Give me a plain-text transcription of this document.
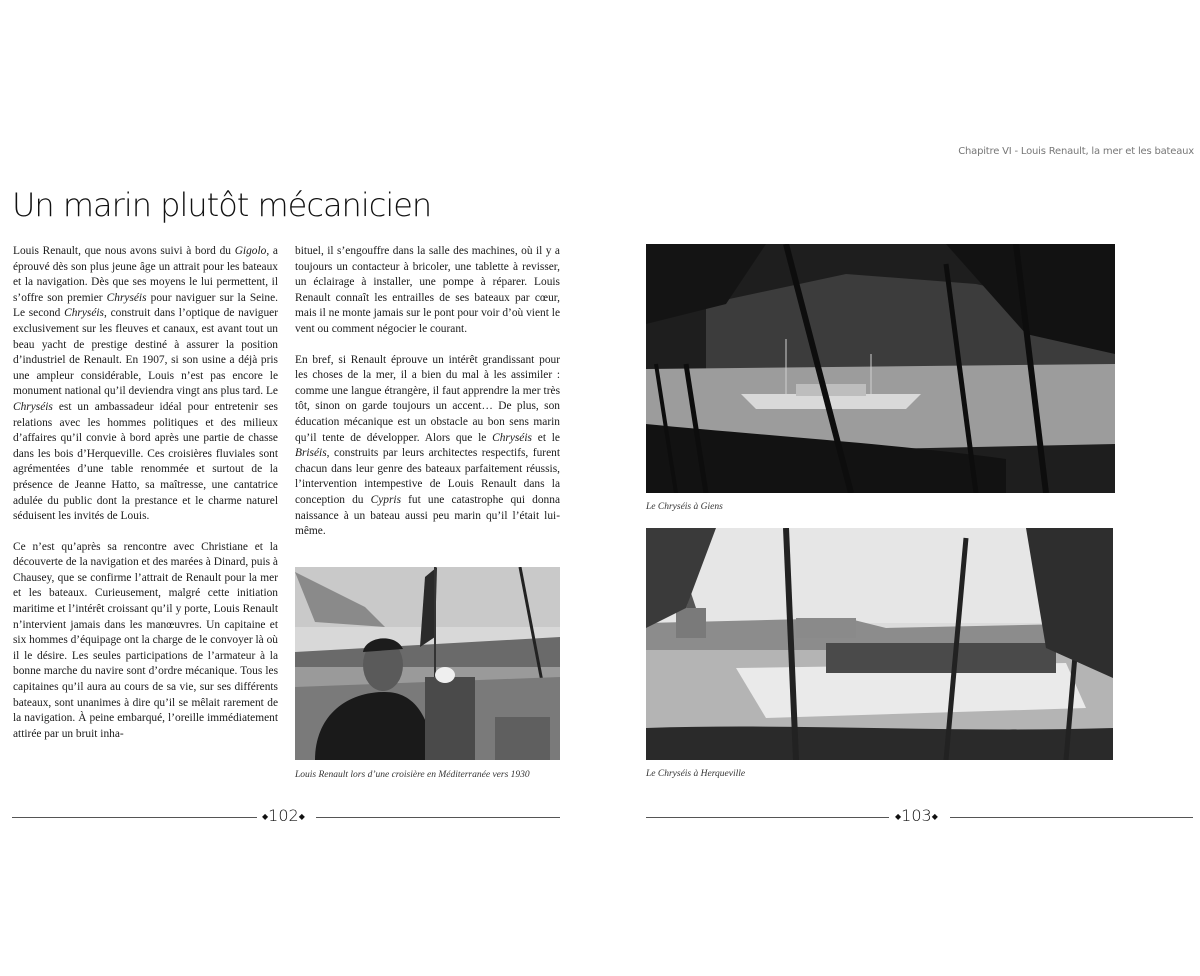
Chapitre VI - Louis Renault, la mer et les bateaux
Un marin plutôt mécanicien

Louis Renault, que nous avons suivi à bord du Gigolo, a éprouvé dès son plus jeune âge un attrait pour les bateaux et la navigation. Dès que ses moyens le lui permettent, il s’offre son premier Chryséis pour naviguer sur la Seine. Le second Chryséis, construit dans l’optique de naviguer exclusivement sur les fleuves et canaux, est avant tout un beau yacht de prestige destiné à assurer la position d’industriel de Renault. En 1907, si son usine a déjà pris une ampleur considérable, Louis n’est pas encore le monument national qu’il deviendra vingt ans plus tard. Le Chryséis est un ambassadeur idéal pour entretenir ses relations avec les hommes politiques et des milieux d’affaires qu’il convie à bord après une partie de chasse dans les bois d’Herqueville. Ces croisières fluviales sont agrémentées d’une table renommée et surtout de la présence de Jeanne Hatto, sa maîtresse, une cantatrice adulée du public dont la prestance et le charme naturel séduisent les invités de Louis.

Ce n’est qu’après sa rencontre avec Christiane et la découverte de la navigation et des marées à Dinard, puis à Chausey, que se confirme l’attrait de Renault pour la mer et les bateaux. Curieusement, malgré cette initiation maritime et l’intérêt croissant qu’il y porte, Louis Renault n’intervient jamais dans les manœuvres. Un capitaine et six hommes d’équipage ont la charge de le convoyer là où il le désire. Les seules participations de l’armateur à la bonne marche du navire sont d’ordre mécanique. Tous les capitaines qu’il aura au cours de sa vie, sur ses différents bateaux, sont unanimes à dire qu’il se mêlait rarement de la navigation. À peine embarqué, l’oreille immédiatement attirée par un bruit inha-

bituel, il s’engouffre dans la salle des machines, où il y a toujours un contacteur à bricoler, une tablette à revisser, un éclairage à installer, une pompe à réparer. Louis Renault connaît les entrailles de ses bateaux par cœur, mais il ne monte jamais sur le pont pour voir d’où vient le vent ou comment négocier le courant.

En bref, si Renault éprouve un intérêt grandissant pour les choses de la mer, il a bien du mal à les assimiler : comme une langue étrangère, il faut apprendre la mer très tôt, sinon on garde toujours un accent… De plus, son éducation mécanique est un obstacle au bon sens marin qu’il tente de développer. Alors que le Chryséis et le Briséis, construits par leurs architectes respectifs, furent chacun dans leur genre des bateaux parfaitement réussis, l’intervention intempestive de Louis Renault dans la conception du Cypris fut une catastrophe qui donna naissance à un bateau aussi peu marin qu’il l’était lui-même.

Louis Renault lors d’une croisière en Méditerranée vers 1930
◆102◆
Le Chryséis à Giens
Le Chryséis à Herqueville
◆103◆
